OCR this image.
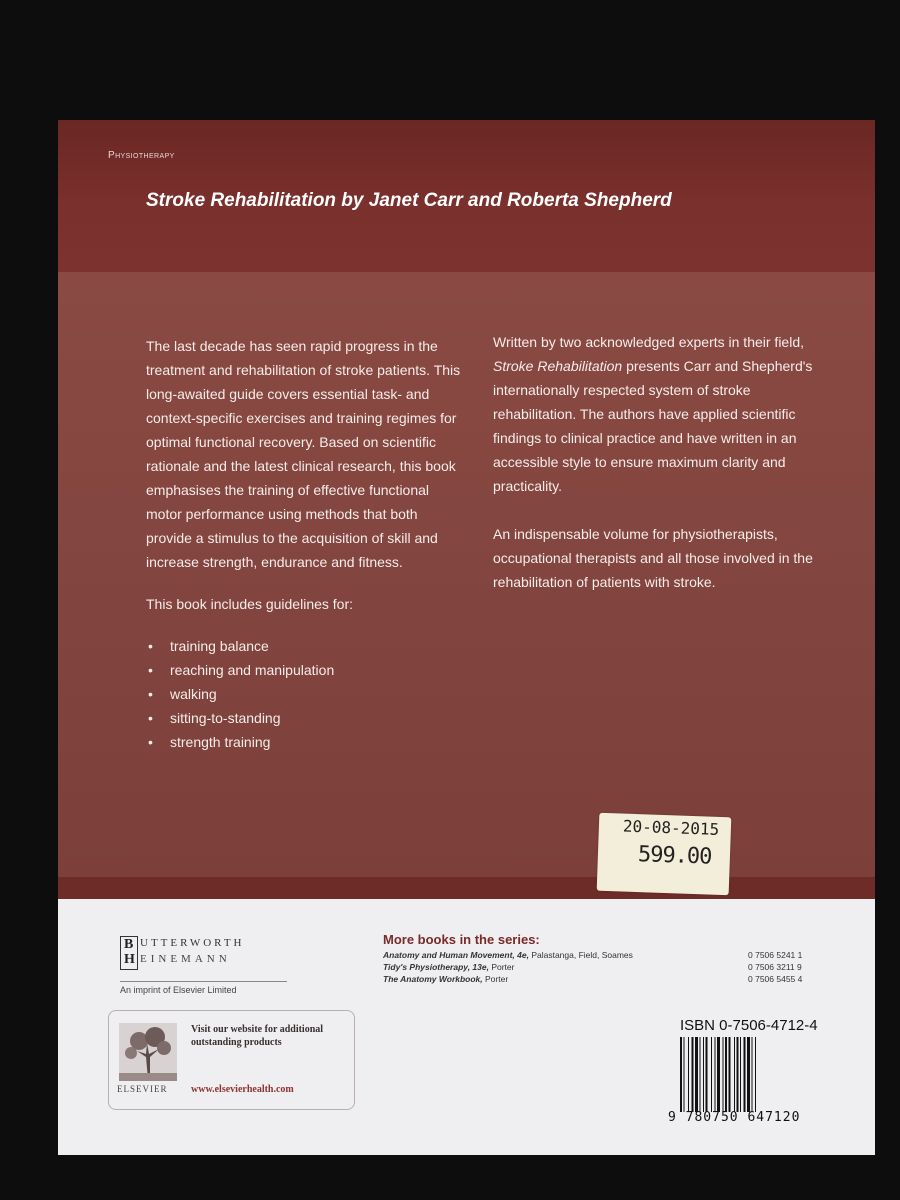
Physiotherapy
Stroke Rehabilitation by Janet Carr and Roberta Shepherd

The last decade has seen rapid progress in the treatment and rehabilitation of stroke patients. This long-awaited guide covers essential task- and context-specific exercises and training regimes for optimal functional recovery. Based on scientific rationale and the latest clinical research, this book emphasises the training of effective functional motor performance using methods that both provide a stimulus to the acquisition of skill and increase strength, endurance and fitness.

This book includes guidelines for:

• training balance
• reaching and manipulation
• walking
• sitting-to-standing
• strength training

Written by two acknowledged experts in their field, Stroke Rehabilitation presents Carr and Shepherd's internationally respected system of stroke rehabilitation. The authors have applied scientific findings to clinical practice and have written in an accessible style to ensure maximum clarity and practicality.

An indispensable volume for physiotherapists, occupational therapists and all those involved in the rehabilitation of patients with stroke.

20-08-2015
599.00
B
H
UTTERWORTH
EINEMANN
An imprint of Elsevier Limited
ELSEVIER
Visit our website for additional outstanding products
www.elsevierhealth.com
More books in the series:
Anatomy and Human Movement, 4e, Palastanga, Field, Soames	0 7506 5241 1
Tidy's Physiotherapy, 13e, Porter	0 7506 3211 9
The Anatomy Workbook, Porter	0 7506 5455 4
ISBN 0-7506-4712-4
9 780750 647120
